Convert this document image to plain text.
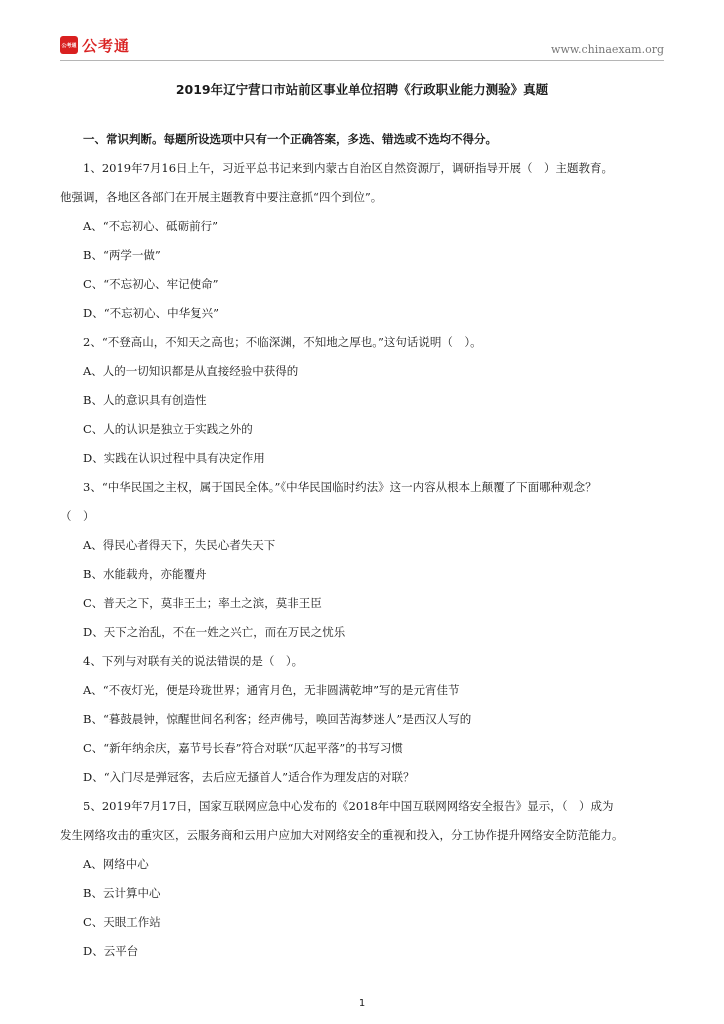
公考通 公考通	www.chinaexam.org
2019年辽宁营口市站前区事业单位招聘《行政职业能力测验》真题
一、常识判断。每题所设选项中只有一个正确答案，多选、错选或不选均不得分。
1、2019年7月16日上午，习近平总书记来到内蒙古自治区自然资源厅，调研指导开展（　）主题教育。
他强调，各地区各部门在开展主题教育中要注意抓“四个到位”。
A、“不忘初心、砥砺前行”
B、“两学一做”
C、“不忘初心、牢记使命”
D、“不忘初心、中华复兴”
2、“不登高山，不知天之高也；不临深渊，不知地之厚也。”这句话说明（　）。
A、人的一切知识都是从直接经验中获得的
B、人的意识具有创造性
C、人的认识是独立于实践之外的
D、实践在认识过程中具有决定作用
3、“中华民国之主权，属于国民全体。”《中华民国临时约法》这一内容从根本上颠覆了下面哪种观念？
（　）
A、得民心者得天下，失民心者失天下
B、水能载舟，亦能覆舟
C、普天之下，莫非王土；率土之滨，莫非王臣
D、天下之治乱，不在一姓之兴亡，而在万民之忧乐
4、下列与对联有关的说法错误的是（　）。
A、“不夜灯光，便是玲珑世界；通宵月色，无非圆满乾坤”写的是元宵佳节
B、“暮鼓晨钟，惊醒世间名利客；经声佛号，唤回苦海梦迷人”是西汉人写的
C、“新年纳余庆，嘉节号长春”符合对联“仄起平落”的书写习惯
D、“入门尽是弹冠客，去后应无搔首人”适合作为理发店的对联？
5、2019年7月17日，国家互联网应急中心发布的《2018年中国互联网网络安全报告》显示，（　）成为
发生网络攻击的重灾区，云服务商和云用户应加大对网络安全的重视和投入，分工协作提升网络安全防范能力。
A、网络中心
B、云计算中心
C、天眼工作站
D、云平台
1
